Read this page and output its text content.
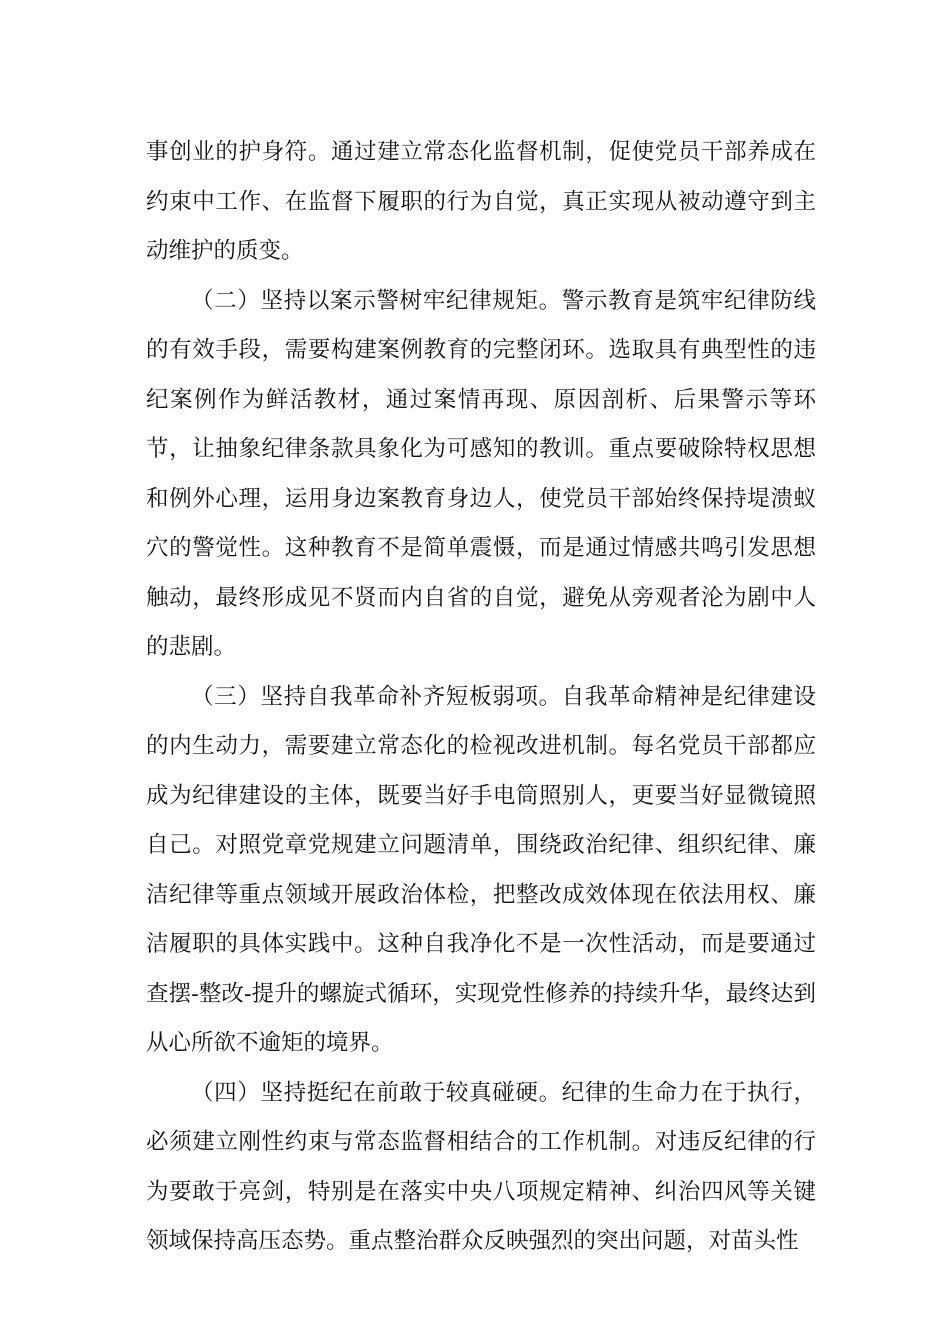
事创业的护身符。通过建立常态化监督机制，促使党员干部养成在约束中工作、在监督下履职的行为自觉，真正实现从被动遵守到主动维护的质变。

（二）坚持以案示警树牢纪律规矩。警示教育是筑牢纪律防线的有效手段，需要构建案例教育的完整闭环。选取具有典型性的违纪案例作为鲜活教材，通过案情再现、原因剖析、后果警示等环节，让抽象纪律条款具象化为可感知的教训。重点要破除特权思想和例外心理，运用身边案教育身边人，使党员干部始终保持堤溃蚁穴的警觉性。这种教育不是简单震慑，而是通过情感共鸣引发思想触动，最终形成见不贤而内自省的自觉，避免从旁观者沦为剧中人的悲剧。

（三）坚持自我革命补齐短板弱项。自我革命精神是纪律建设的内生动力，需要建立常态化的检视改进机制。每名党员干部都应成为纪律建设的主体，既要当好手电筒照别人，更要当好显微镜照自己。对照党章党规建立问题清单，围绕政治纪律、组织纪律、廉洁纪律等重点领域开展政治体检，把整改成效体现在依法用权、廉洁履职的具体实践中。这种自我净化不是一次性活动，而是要通过查摆-整改-提升的螺旋式循环，实现党性修养的持续升华，最终达到从心所欲不逾矩的境界。

（四）坚持挺纪在前敢于较真碰硬。纪律的生命力在于执行，必须建立刚性约束与常态监督相结合的工作机制。对违反纪律的行为要敢于亮剑，特别是在落实中央八项规定精神、纠治四风等关键领域保持高压态势。重点整治群众反映强烈的突出问题，对苗头性
